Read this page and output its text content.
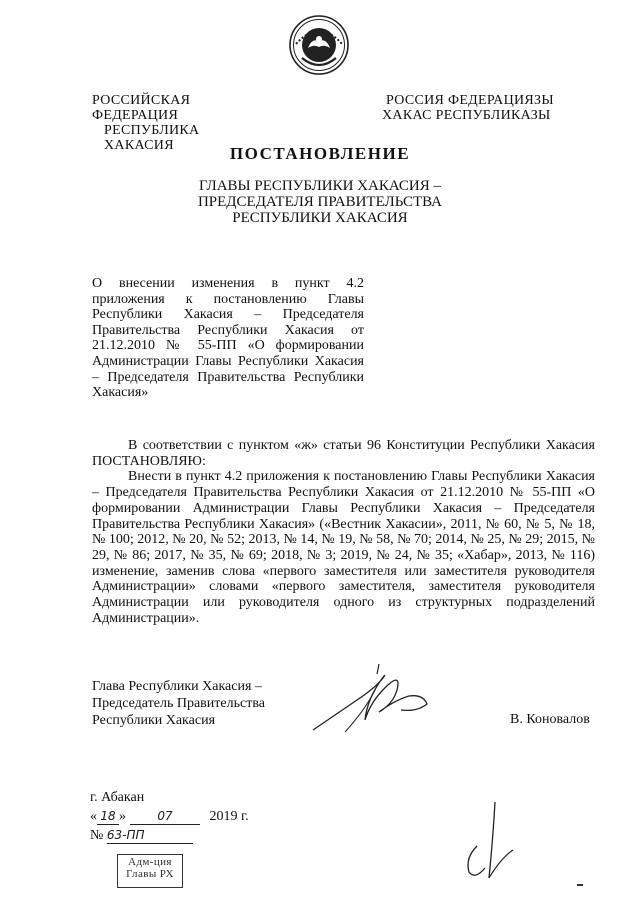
РОССИЙСКАЯ ФЕДЕРАЦИЯ
РЕСПУБЛИКА ХАКАСИЯ
РОССИЯ ФЕДЕРАЦИЯЗЫ
ХАКАС РЕСПУБЛИКАЗЫ
ПОСТАНОВЛЕНИЕ
ГЛАВЫ РЕСПУБЛИКИ ХАКАСИЯ –
ПРЕДСЕДАТЕЛЯ ПРАВИТЕЛЬСТВА
РЕСПУБЛИКИ ХАКАСИЯ
О внесении изменения в пункт 4.2 приложения к постановлению Главы Республики Хакасия – Председателя Правительства Республики Хакасия от 21.12.2010 № 55-ПП «О формировании Администрации Главы Республики Хакасия – Председателя Правительства Республики Хакасия»

В соответствии с пунктом «ж» статьи 96 Конституции Республики Хакасия ПОСТАНОВЛЯЮ:

Внести в пункт 4.2 приложения к постановлению Главы Республики Хакасия – Председателя Правительства Республики Хакасия от 21.12.2010 № 55-ПП «О формировании Администрации Главы Республики Хакасия – Председателя Правительства Республики Хакасия» («Вестник Хакасии», 2011, № 60, № 5, № 18, № 100; 2012, № 20, № 52; 2013, № 14, № 19, № 58, № 70; 2014, № 25, № 29; 2015, № 29, № 86; 2017, № 35, № 69; 2018, № 3; 2019, № 24, № 35; «Хабар», 2013, № 116) изменение, заменив слова «первого заместителя или заместителя руководителя Администрации» словами «первого заместителя, заместителя руководителя Администрации или руководителя одного из структурных подразделений Администрации».

Глава Республики Хакасия –
Председатель Правительства
Республики Хакасия	В. Коновалов
г. Абакан
« 18 »	07	2019 г.
№ 63-ПП
Адм-ция
Главы РХ
